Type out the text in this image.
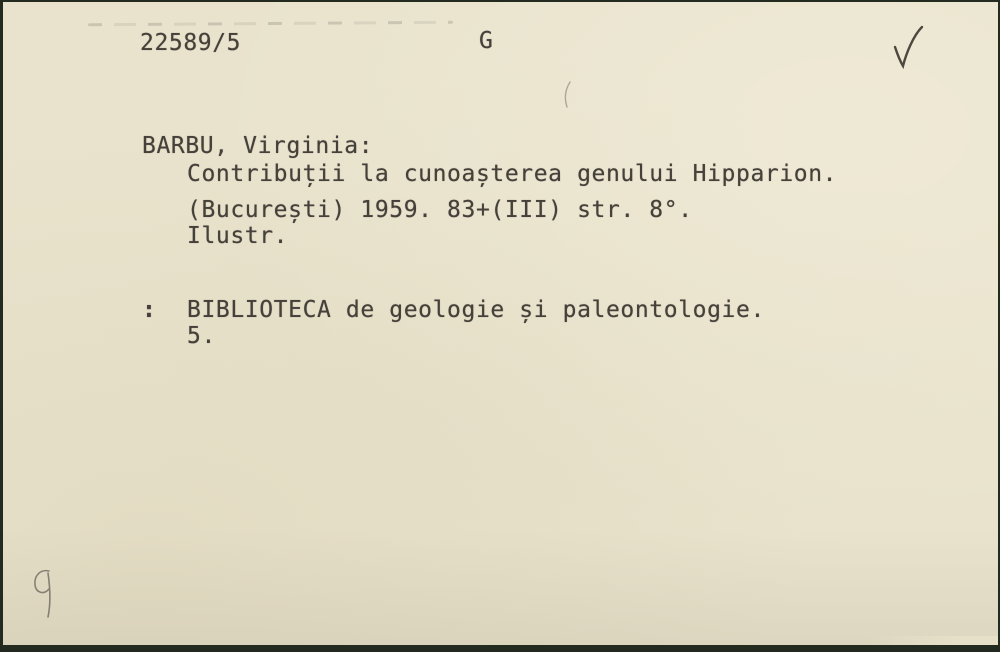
22589/5	G
BARBU, Virginia:
Contribuții la cunoașterea genului Hipparion.
(București) 1959. 83+(III) str. 8°.
Ilustr.
: BIBLIOTECA de geologie și paleontologie.
5.
